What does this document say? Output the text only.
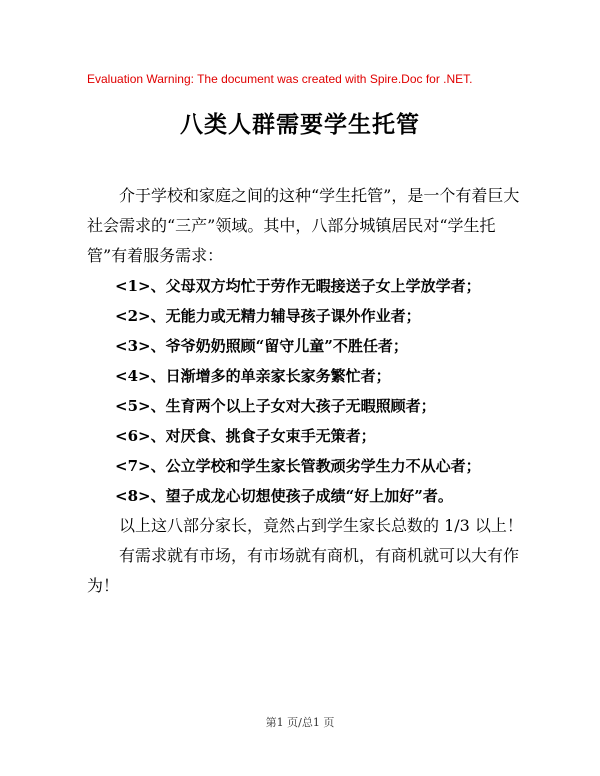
Evaluation Warning: The document was created with Spire.Doc for .NET.
八类人群需要学生托管

介于学校和家庭之间的这种“学生托管”，是一个有着巨大社会需求的“三产”领域。其中，八部分城镇居民对“学生托管”有着服务需求：

<1>、父母双方均忙于劳作无暇接送子女上学放学者；
<2>、无能力或无精力辅导孩子课外作业者；
<3>、爷爷奶奶照顾“留守儿童”不胜任者；
<4>、日渐增多的单亲家长家务繁忙者；
<5>、生育两个以上子女对大孩子无暇照顾者；
<6>、对厌食、挑食子女束手无策者；
<7>、公立学校和学生家长管教顽劣学生力不从心者；
<8>、望子成龙心切想使孩子成绩“好上加好”者。

以上这八部分家长，竟然占到学生家长总数的 1/3 以上！

有需求就有市场，有市场就有商机，有商机就可以大有作为！

第1 页/总1 页
